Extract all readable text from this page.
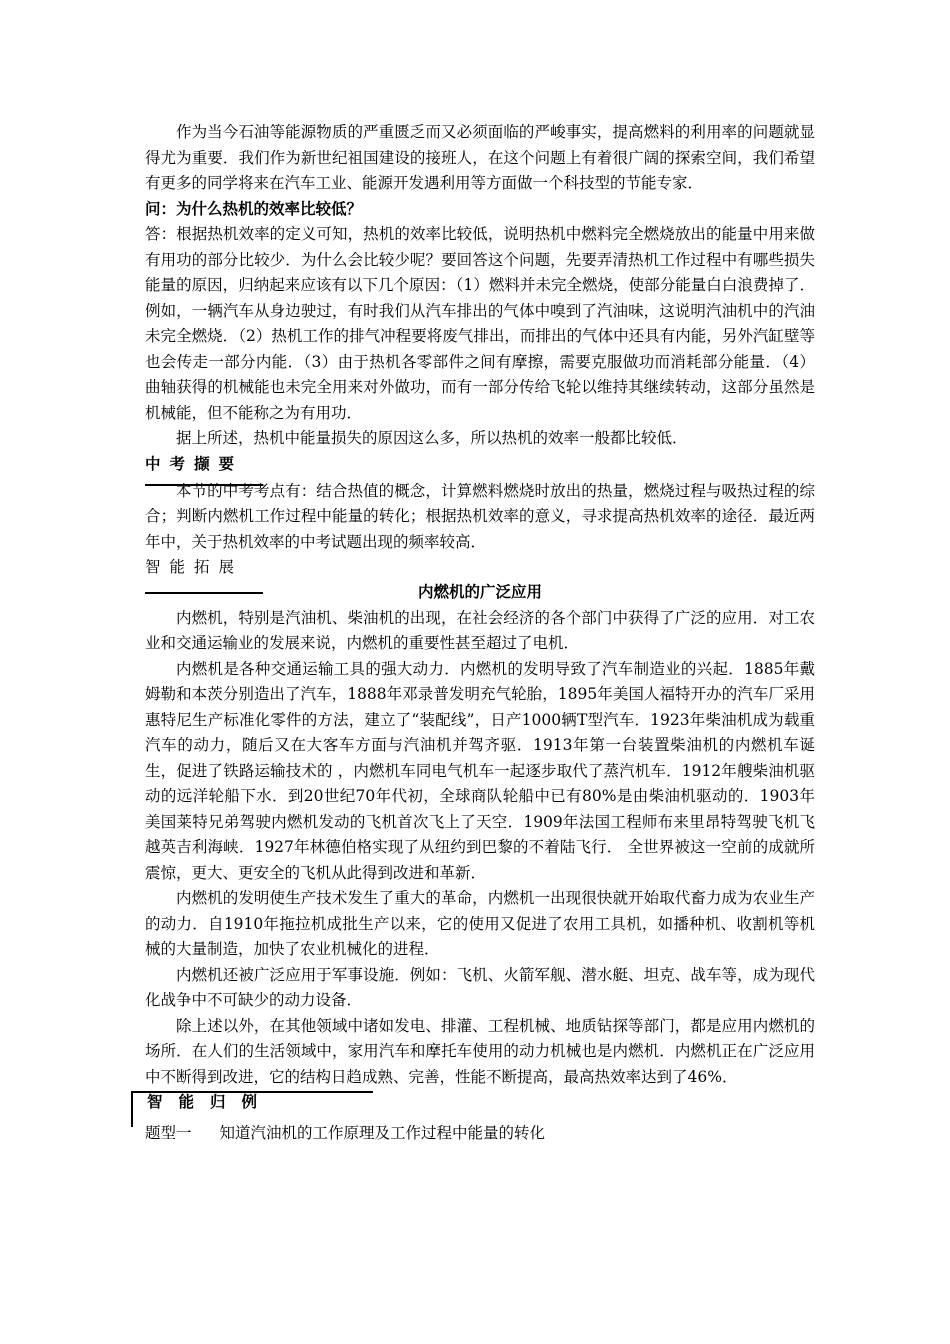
作为当今石油等能源物质的严重匮乏而又必须面临的严峻事实，提高燃料的利用率的问题就显得尤为重要．我们作为新世纪祖国建设的接班人，在这个问题上有着很广阔的探索空间，我们希望有更多的同学将来在汽车工业、能源开发遇利用等方面做一个科技型的节能专家．

问：为什么热机的效率比较低？

答：根据热机效率的定义可知，热机的效率比较低，说明热机中燃料完全燃烧放出的能量中用来做有用功的部分比较少．为什么会比较少呢？要回答这个问题，先要弄清热机工作过程中有哪些损失能量的原因，归纳起来应该有以下几个原因：（1）燃料并未完全燃烧，使部分能量白白浪费掉了．例如，一辆汽车从身边驶过，有时我们从汽车排出的气体中嗅到了汽油味，这说明汽油机中的汽油未完全燃烧．（2）热机工作的排气冲程要将废气排出，而排出的气体中还具有内能，另外汽缸壁等也会传走一部分内能．（3）由于热机各零部件之间有摩擦，需要克服做功而消耗部分能量．（4）曲轴获得的机械能也未完全用来对外做功，而有一部分传给飞轮以维持其继续转动，这部分虽然是机械能，但不能称之为有用功．

据上所述，热机中能量损失的原因这么多，所以热机的效率一般都比较低．

中考撷要

本节的中考考点有：结合热值的概念，计算燃料燃烧时放出的热量，燃烧过程与吸热过程的综合；判断内燃机工作过程中能量的转化；根据热机效率的意义，寻求提高热机效率的途径．最近两年中，关于热机效率的中考试题出现的频率较高．

智能拓展

内燃机的广泛应用

内燃机，特别是汽油机、柴油机的出现，在社会经济的各个部门中获得了广泛的应用．对工农业和交通运输业的发展来说，内燃机的重要性甚至超过了电机．

内燃机是各种交通运输工具的强大动力．内燃机的发明导致了汽车制造业的兴起．1885年戴姆勒和本茨分别造出了汽车，1888年邓录普发明充气轮胎，1895年美国人福特开办的汽车厂采用惠特尼生产标准化零件的方法，建立了“装配线”，日产1000辆T型汽车．1923年柴油机成为载重汽车的动力，随后又在大客车方面与汽油机并驾齐驱．1913年第一台装置柴油机的内燃机车诞生，促进了铁路运输技术的 ，内燃机车同电气机车一起逐步取代了蒸汽机车．1912年艘柴油机驱动的远洋轮船下水．到20世纪70年代初，全球商队轮船中已有80%是由柴油机驱动的．1903年美国莱特兄弟驾驶内燃机发动的飞机首次飞上了天空．1909年法国工程师布来里昂特驾驶飞机飞越英吉利海峡．1927年林德伯格实现了从纽约到巴黎的不着陆飞行． 全世界被这一空前的成就所震惊，更大、更安全的飞机从此得到改进和革新．

内燃机的发明使生产技术发生了重大的革命，内燃机一出现很快就开始取代畜力成为农业生产的动力．自1910年拖拉机成批生产以来，它的使用又促进了农用工具机，如播种机、收割机等机械的大量制造，加快了农业机械化的进程．

内燃机还被广泛应用于军事设施．例如：飞机、火箭军舰、潜水艇、坦克、战车等，成为现代化战争中不可缺少的动力设备．

除上述以外，在其他领域中诸如发电、排灌、工程机械、地质钻探等部门，都是应用内燃机的场所．在人们的生活领域中，家用汽车和摩托车使用的动力机械也是内燃机．内燃机正在广泛应用中不断得到改进，它的结构日趋成熟、完善，性能不断提高，最高热效率达到了46%．

智能归例

题型一 知道汽油机的工作原理及工作过程中能量的转化
